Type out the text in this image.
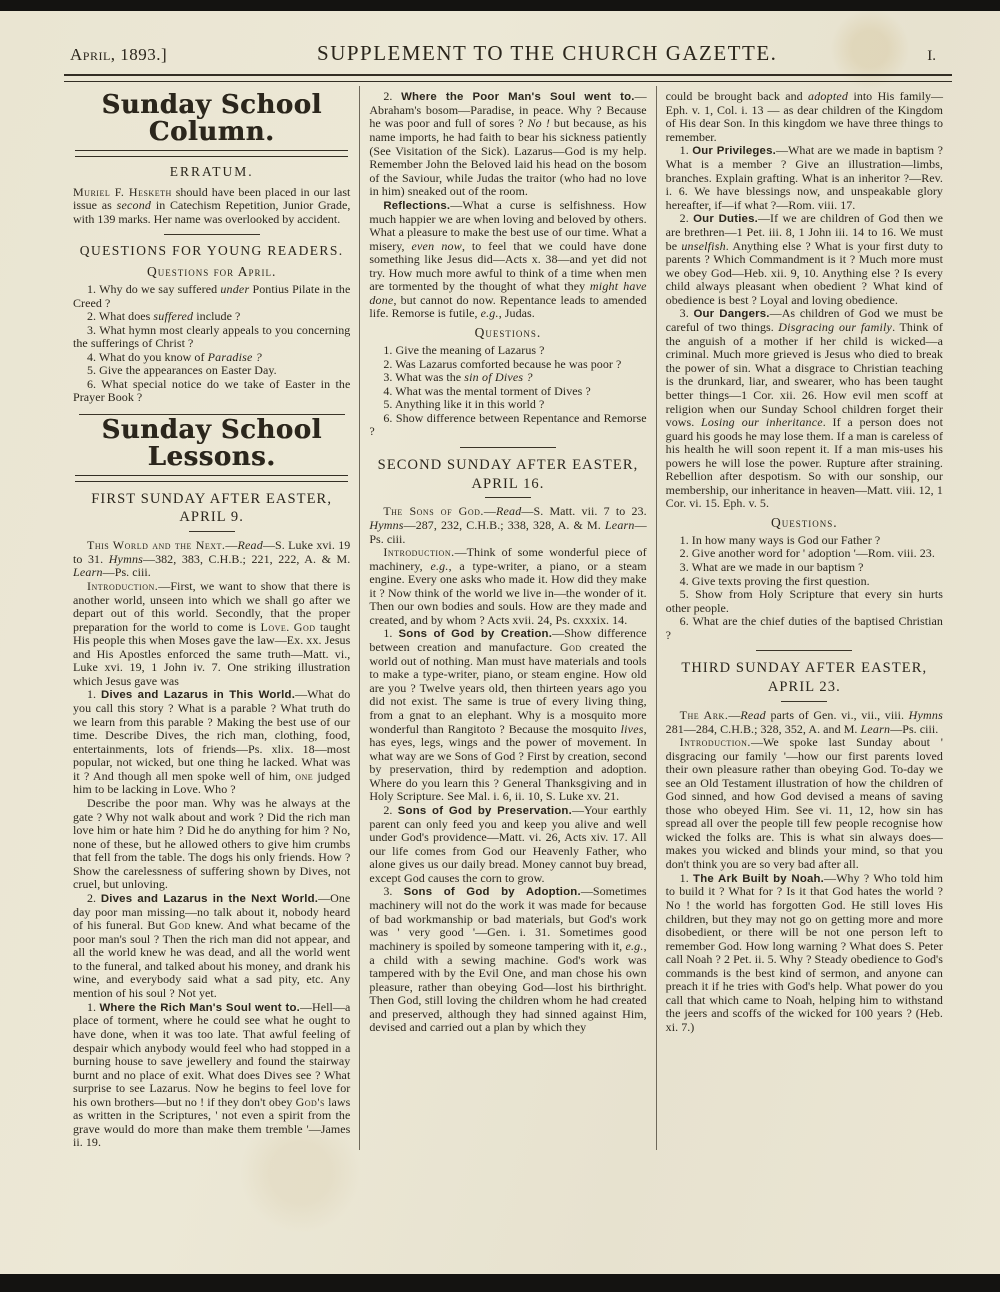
April, 1893.]	SUPPLEMENT TO THE CHURCH GAZETTE.	I.
Sunday School Column.
ERRATUM.
Muriel F. Hesketh should have been placed in our last issue as second in Catechism Repetition, Junior Grade, with 139 marks. Her name was overlooked by accident.
QUESTIONS FOR YOUNG READERS.
Questions for April.
1. Why do we say suffered under Pontius Pilate in the Creed ?
2. What does suffered include ?
3. What hymn most clearly appeals to you concerning the sufferings of Christ ?
4. What do you know of Paradise ?
5. Give the appearances on Easter Day.
6. What special notice do we take of Easter in the Prayer Book ?
Sunday School Lessons.
FIRST SUNDAY AFTER EASTER, APRIL 9.
This World and the Next.—Read—S. Luke xvi. 19 to 31. Hymns—382, 383, C.H.B.; 221, 222, A. & M. Learn—Ps. ciii.
Introduction.—First, we want to show that there is another world, unseen into which we shall go after we depart out of this world. Secondly, that the proper preparation for the world to come is Love. God taught His people this when Moses gave the law—Ex. xx. Jesus and His Apostles enforced the same truth—Matt. vi., Luke xvi. 19, 1 John iv. 7. One striking illustration which Jesus gave was
1. Dives and Lazarus in This World.—What do you call this story ? What is a parable ? What truth do we learn from this parable ? Making the best use of our time. Describe Dives, the rich man, clothing, food, entertainments, lots of friends—Ps. xlix. 18—most popular, not wicked, but one thing he lacked. What was it ? And though all men spoke well of him, one judged him to be lacking in Love. Who ?
Describe the poor man. Why was he always at the gate ? Why not walk about and work ? Did the rich man love him or hate him ? Did he do anything for him ? No, none of these, but he allowed others to give him crumbs that fell from the table. The dogs his only friends. How ? Show the carelessness of suffering shown by Dives, not cruel, but unloving.
2. Dives and Lazarus in the Next World.—One day poor man missing—no talk about it, nobody heard of his funeral. But God knew. And what became of the poor man's soul ? Then the rich man did not appear, and all the world knew he was dead, and all the world went to the funeral, and talked about his money, and drank his wine, and everybody said what a sad pity, etc. Any mention of his soul ? Not yet.
1. Where the Rich Man's Soul went to.—Hell—a place of torment, where he could see what he ought to have done, when it was too late. That awful feeling of despair which anybody would feel who had stopped in a burning house to save jewellery and found the stairway burnt and no place of exit. What does Dives see ? What surprise to see Lazarus. Now he begins to feel love for his own brothers—but no ! if they don't obey God's laws as written in the Scriptures, ' not even a spirit from the grave would do more than make them tremble '—James ii. 19.
2. Where the Poor Man's Soul went to.—Abraham's bosom—Paradise, in peace. Why ? Because he was poor and full of sores ? No ! but because, as his name imports, he had faith to bear his sickness patiently (See Visitation of the Sick). Lazarus—God is my help. Remember John the Beloved laid his head on the bosom of the Saviour, while Judas the traitor (who had no love in him) sneaked out of the room.
Reflections.—What a curse is selfishness. How much happier we are when loving and beloved by others. What a pleasure to make the best use of our time. What a misery, even now, to feel that we could have done something like Jesus did—Acts x. 38—and yet did not try. How much more awful to think of a time when men are tormented by the thought of what they might have done, but cannot do now. Repentance leads to amended life. Remorse is futile, e.g., Judas.
Questions.
1. Give the meaning of Lazarus ?
2. Was Lazarus comforted because he was poor ?
3. What was the sin of Dives ?
4. What was the mental torment of Dives ?
5. Anything like it in this world ?
6. Show difference between Repentance and Remorse ?
SECOND SUNDAY AFTER EASTER, APRIL 16.
The Sons of God.—Read—S. Matt. vii. 7 to 23. Hymns—287, 232, C.H.B.; 338, 328, A. & M. Learn—Ps. ciii.
Introduction.—Think of some wonderful piece of machinery, e.g., a type-writer, a piano, or a steam engine. Every one asks who made it. How did they make it ? Now think of the world we live in—the wonder of it. Then our own bodies and souls. How are they made and created, and by whom ? Acts xvii. 24, Ps. cxxxix. 14.
1. Sons of God by Creation.—Show difference between creation and manufacture. God created the world out of nothing. Man must have materials and tools to make a type-writer, piano, or steam engine. How old are you ? Twelve years old, then thirteen years ago you did not exist. The same is true of every living thing, from a gnat to an elephant. Why is a mosquito more wonderful than Rangitoto ? Because the mosquito lives, has eyes, legs, wings and the power of movement. In what way are we Sons of God ? First by creation, second by preservation, third by redemption and adoption. Where do you learn this ? General Thanksgiving and in Holy Scripture. See Mal. i. 6, ii. 10, S. Luke xv. 21.
2. Sons of God by Preservation.—Your earthly parent can only feed you and keep you alive and well under God's providence—Matt. vi. 26, Acts xiv. 17. All our life comes from God our Heavenly Father, who alone gives us our daily bread. Money cannot buy bread, except God causes the corn to grow.
3. Sons of God by Adoption.—Sometimes machinery will not do the work it was made for because of bad workmanship or bad materials, but God's work was ' very good '—Gen. i. 31. Sometimes good machinery is spoiled by someone tampering with it, e.g., a child with a sewing machine. God's work was tampered with by the Evil One, and man chose his own pleasure, rather than obeying God—lost his birthright. Then God, still loving the children whom he had created and preserved, although they had sinned against Him, devised and carried out a plan by which they
could be brought back and adopted into His family—Eph. v. 1, Col. i. 13 — as dear children of the Kingdom of His dear Son. In this kingdom we have three things to remember.
1. Our Privileges.—What are we made in baptism ? What is a member ? Give an illustration—limbs, branches. Explain grafting. What is an inheritor ?—Rev. i. 6. We have blessings now, and unspeakable glory hereafter, if—if what ?—Rom. viii. 17.
2. Our Duties.—If we are children of God then we are brethren—1 Pet. iii. 8, 1 John iii. 14 to 16. We must be unselfish. Anything else ? What is your first duty to parents ? Which Commandment is it ? Much more must we obey God—Heb. xii. 9, 10. Anything else ? Is every child always pleasant when obedient ? What kind of obedience is best ? Loyal and loving obedience.
3. Our Dangers.—As children of God we must be careful of two things. Disgracing our family. Think of the anguish of a mother if her child is wicked—a criminal. Much more grieved is Jesus who died to break the power of sin. What a disgrace to Christian teaching is the drunkard, liar, and swearer, who has been taught better things—1 Cor. xii. 26. How evil men scoff at religion when our Sunday School children forget their vows. Losing our inheritance. If a person does not guard his goods he may lose them. If a man is careless of his health he will soon repent it. If a man mis-uses his powers he will lose the power. Rupture after straining. Rebellion after despotism. So with our sonship, our membership, our inheritance in heaven—Matt. viii. 12, 1 Cor. vi. 15. Eph. v. 5.
Questions.
1. In how many ways is God our Father ?
2. Give another word for ' adoption '—Rom. viii. 23.
3. What are we made in our baptism ?
4. Give texts proving the first question.
5. Show from Holy Scripture that every sin hurts other people.
6. What are the chief duties of the baptised Christian ?
THIRD SUNDAY AFTER EASTER, APRIL 23.
The Ark.—Read parts of Gen. vi., vii., viii. Hymns 281—284, C.H.B.; 328, 352, A. and M. Learn—Ps. ciii.
Introduction.—We spoke last Sunday about ' disgracing our family '—how our first parents loved their own pleasure rather than obeying God. To-day we see an Old Testament illustration of how the children of God sinned, and how God devised a means of saving those who obeyed Him. See vi. 11, 12, how sin has spread all over the people till few people recognise how wicked the folks are. This is what sin always does—makes you wicked and blinds your mind, so that you don't think you are so very bad after all.
1. The Ark Built by Noah.—Why ? Who told him to build it ? What for ? Is it that God hates the world ? No ! the world has forgotten God. He still loves His children, but they may not go on getting more and more disobedient, or there will be not one person left to remember God. How long warning ? What does S. Peter call Noah ? 2 Pet. ii. 5. Why ? Steady obedience to God's commands is the best kind of sermon, and anyone can preach it if he tries with God's help. What power do you call that which came to Noah, helping him to withstand the jeers and scoffs of the wicked for 100 years ? (Heb. xi. 7.)
